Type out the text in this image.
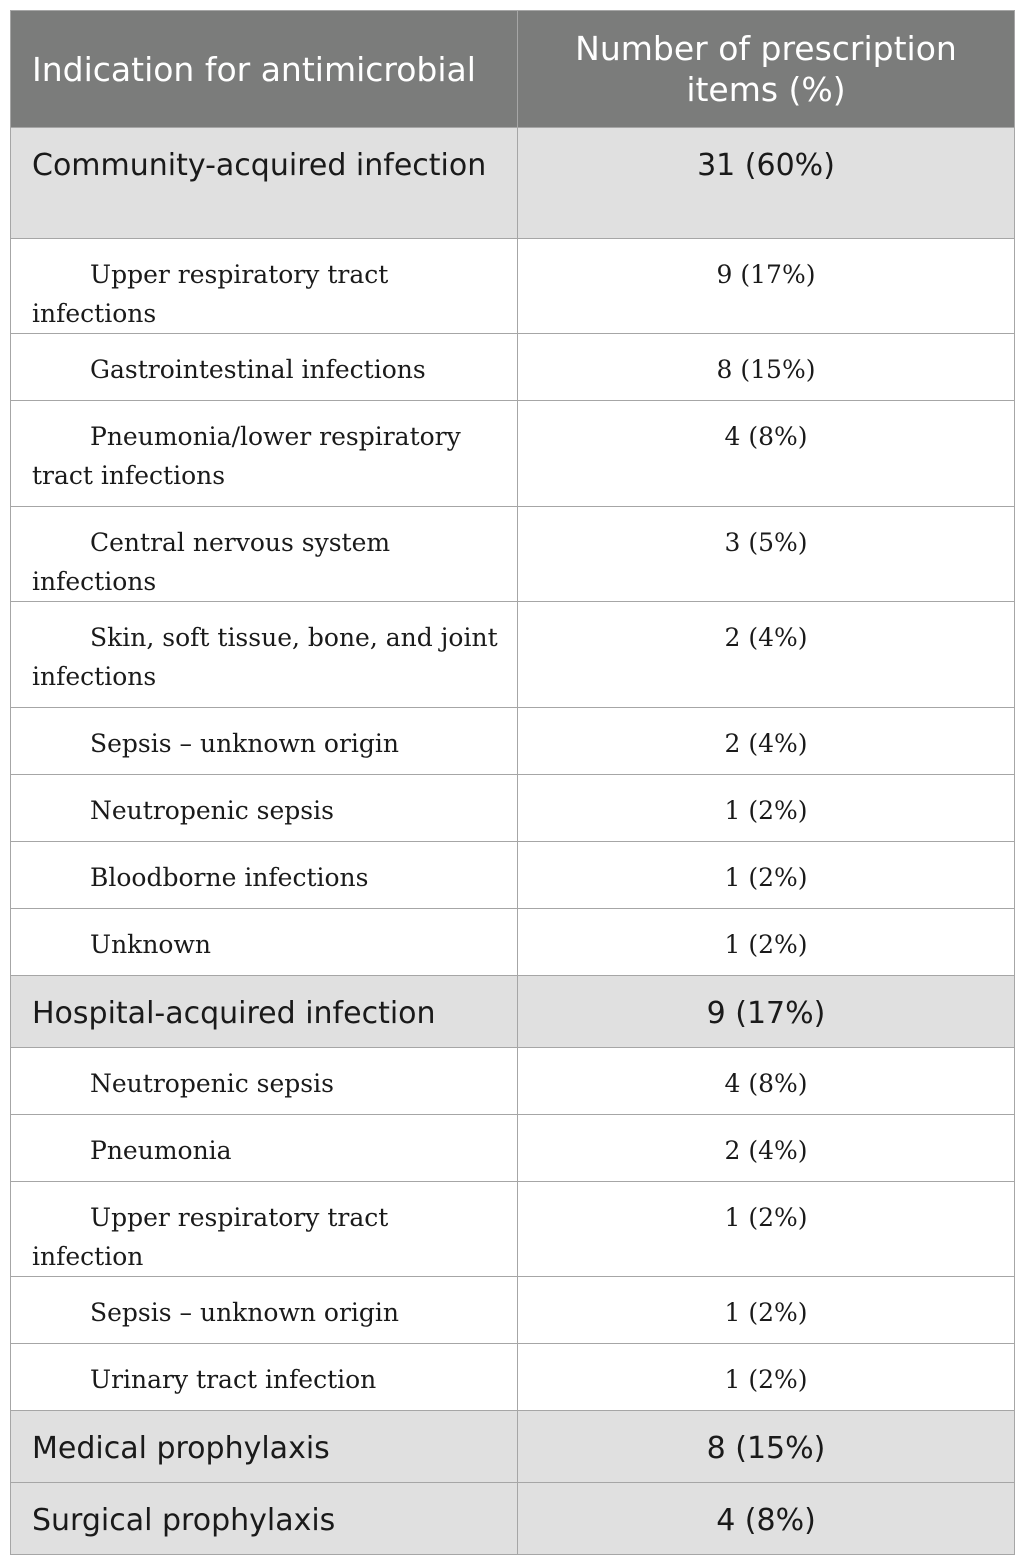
Indication for antimicrobial	Number of prescription items (%)
Community-acquired infection	31 (60%)
Upper respiratory tract infections	9 (17%)
Gastrointestinal infections	8 (15%)
Pneumonia/lower respiratory tract infections	4 (8%)
Central nervous system infections	3 (5%)
Skin, soft tissue, bone, and joint infections	2 (4%)
Sepsis – unknown origin	2 (4%)
Neutropenic sepsis	1 (2%)
Bloodborne infections	1 (2%)
Unknown	1 (2%)
Hospital-acquired infection	9 (17%)
Neutropenic sepsis	4 (8%)
Pneumonia	2 (4%)
Upper respiratory tract infection	1 (2%)
Sepsis – unknown origin	1 (2%)
Urinary tract infection	1 (2%)
Medical prophylaxis	8 (15%)
Surgical prophylaxis	4 (8%)
